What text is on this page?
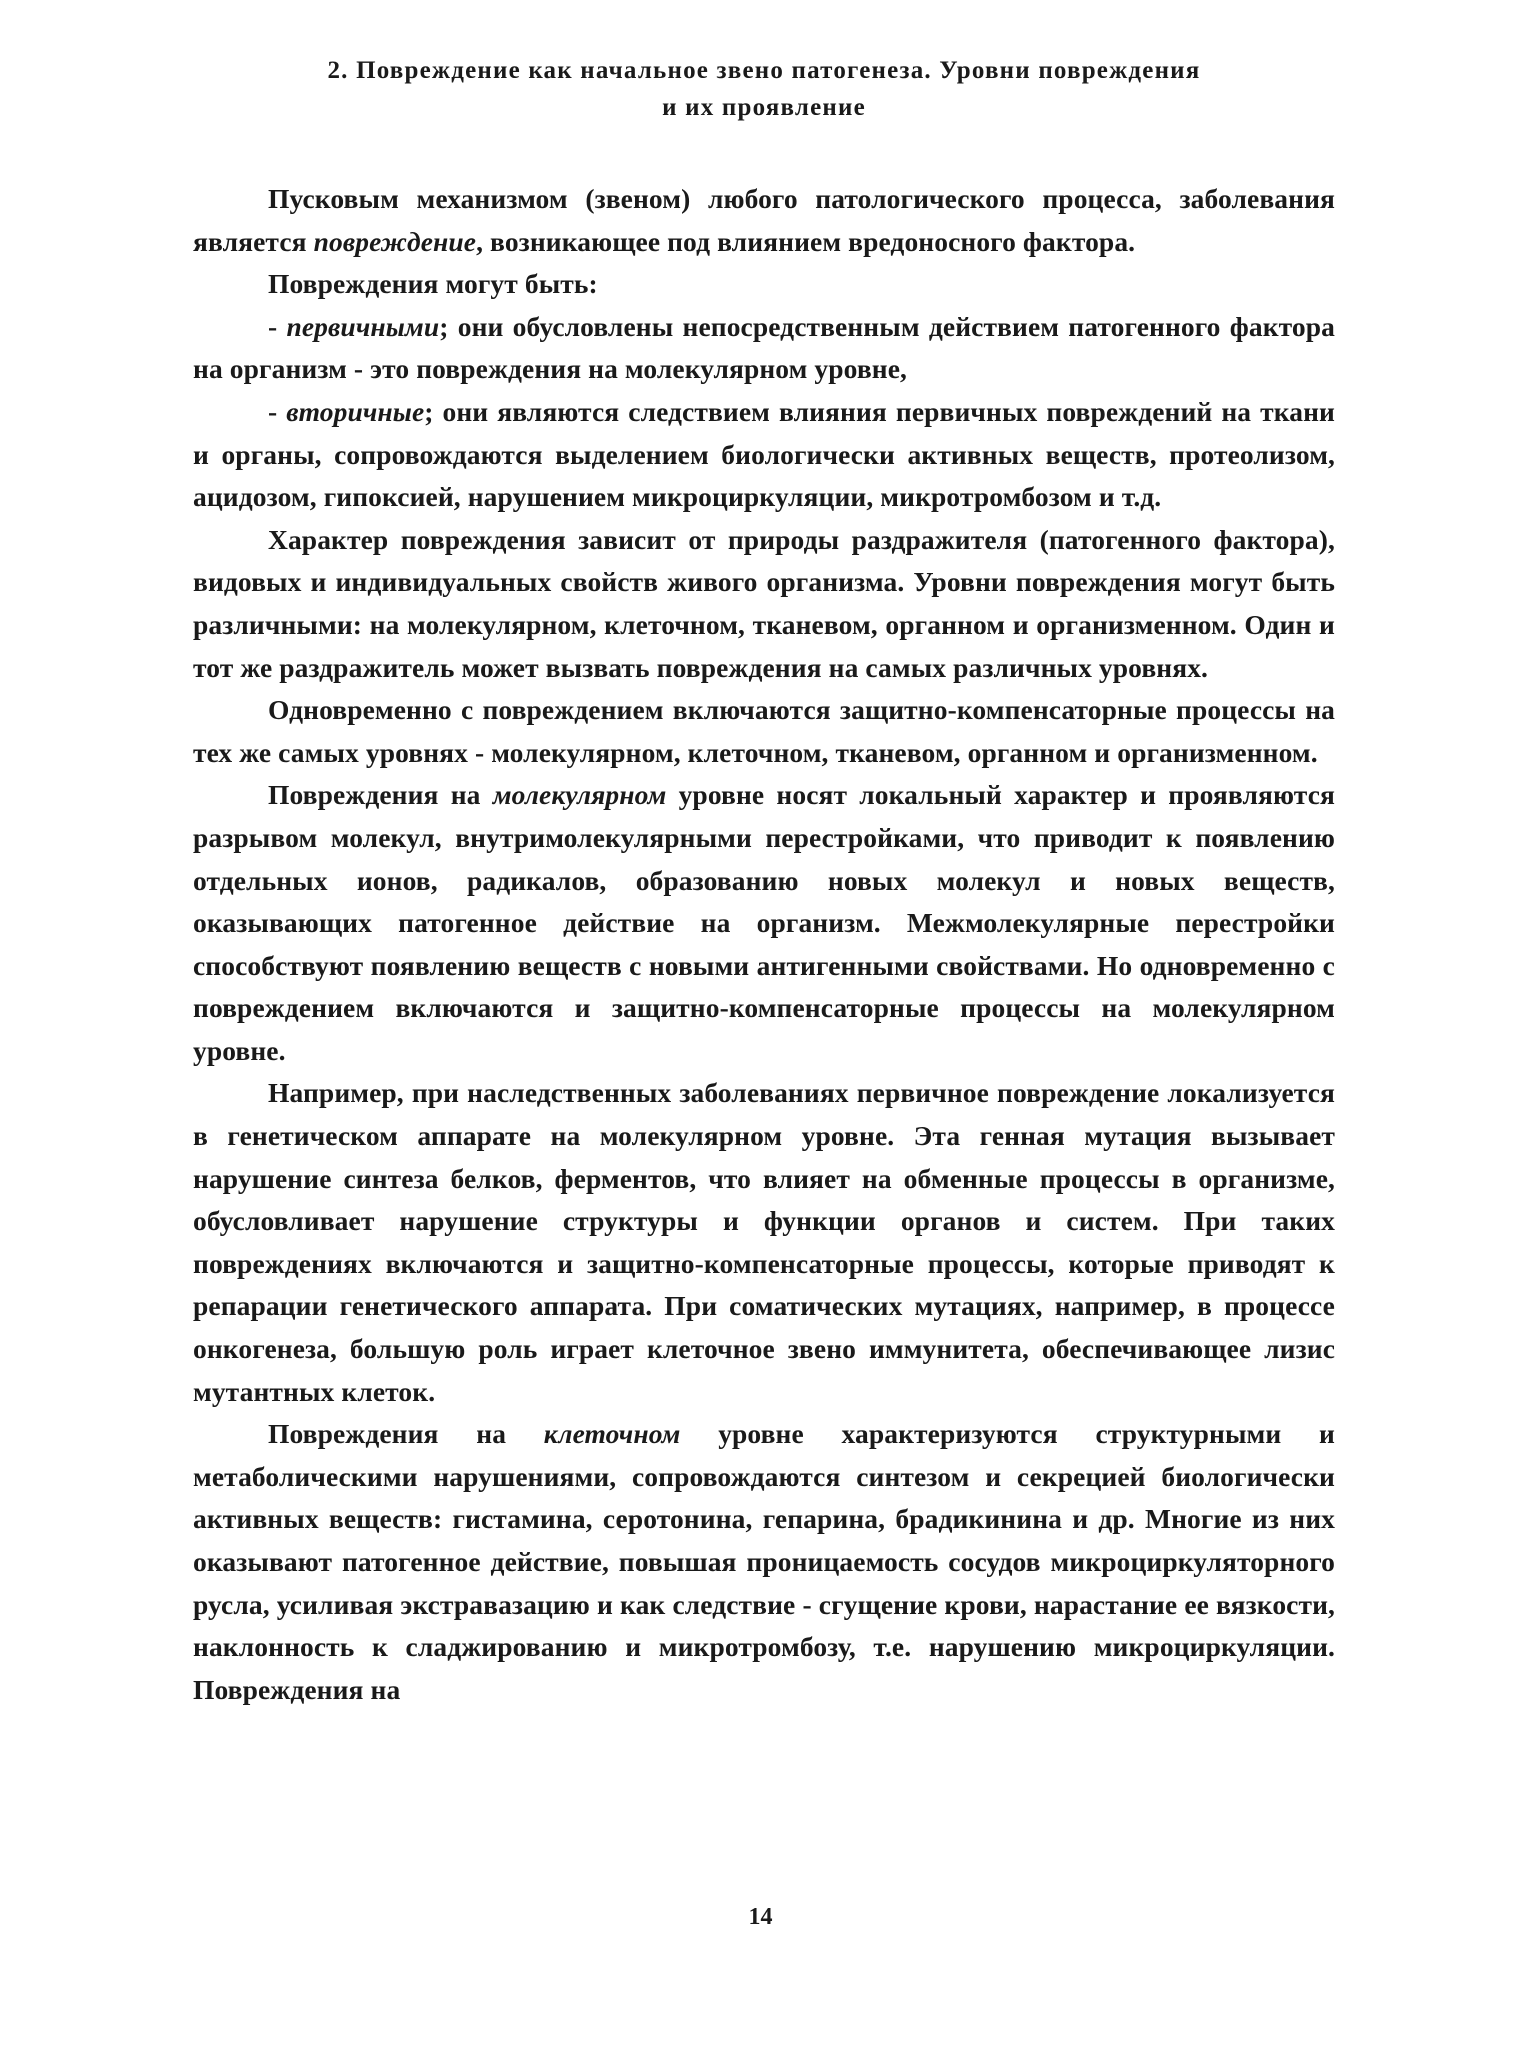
2. Повреждение как начальное звено патогенеза. Уровни повреждения
и их проявление

Пусковым механизмом (звеном) любого патологического процесса, заболевания является повреждение, возникающее под влиянием вредоносного фактора.

Повреждения могут быть:

- первичными; они обусловлены непосредственным действием патогенного фактора на организм - это повреждения на молекулярном уровне,

- вторичные; они являются следствием влияния первичных повреждений на ткани и органы, сопровождаются выделением биологически активных веществ, протеолизом, ацидозом, гипоксией, нарушением микроциркуляции, микротромбозом и т.д.

Характер повреждения зависит от природы раздражителя (патогенного фактора), видовых и индивидуальных свойств живого организма. Уровни повреждения могут быть различными: на молекулярном, клеточном, тканевом, органном и организменном. Один и тот же раздражитель может вызвать повреждения на самых различных уровнях.

Одновременно с повреждением включаются защитно-компенсаторные процессы на тех же самых уровнях - молекулярном, клеточном, тканевом, органном и организменном.

Повреждения на молекулярном уровне носят локальный характер и проявляются разрывом молекул, внутримолекулярными перестройками, что приводит к появлению отдельных ионов, радикалов, образованию новых молекул и новых веществ, оказывающих патогенное действие на организм. Межмолекулярные перестройки способствуют появлению веществ с новыми антигенными свойствами. Но одновременно с повреждением включаются и защитно-компенсаторные процессы на молекулярном уровне.

Например, при наследственных заболеваниях первичное повреждение локализуется в генетическом аппарате на молекулярном уровне. Эта генная мутация вызывает нарушение синтеза белков, ферментов, что влияет на обменные процессы в организме, обусловливает нарушение структуры и функции органов и систем. При таких повреждениях включаются и защитно-компенсаторные процессы, которые приводят к репарации генетического аппарата. При соматических мутациях, например, в процессе онкогенеза, большую роль играет клеточное звено иммунитета, обеспечивающее лизис мутантных клеток.

Повреждения на клеточном уровне характеризуются структурными и метаболическими нарушениями, сопровождаются синтезом и секрецией биологически активных веществ: гистамина, серотонина, гепарина, брадикинина и др. Многие из них оказывают патогенное действие, повышая проницаемость сосудов микроциркуляторного русла, усиливая экстравазацию и как следствие - сгущение крови, нарастание ее вязкости, наклонность к сладжированию и микротромбозу, т.е. нарушению микроциркуляции. Повреждения на

14
